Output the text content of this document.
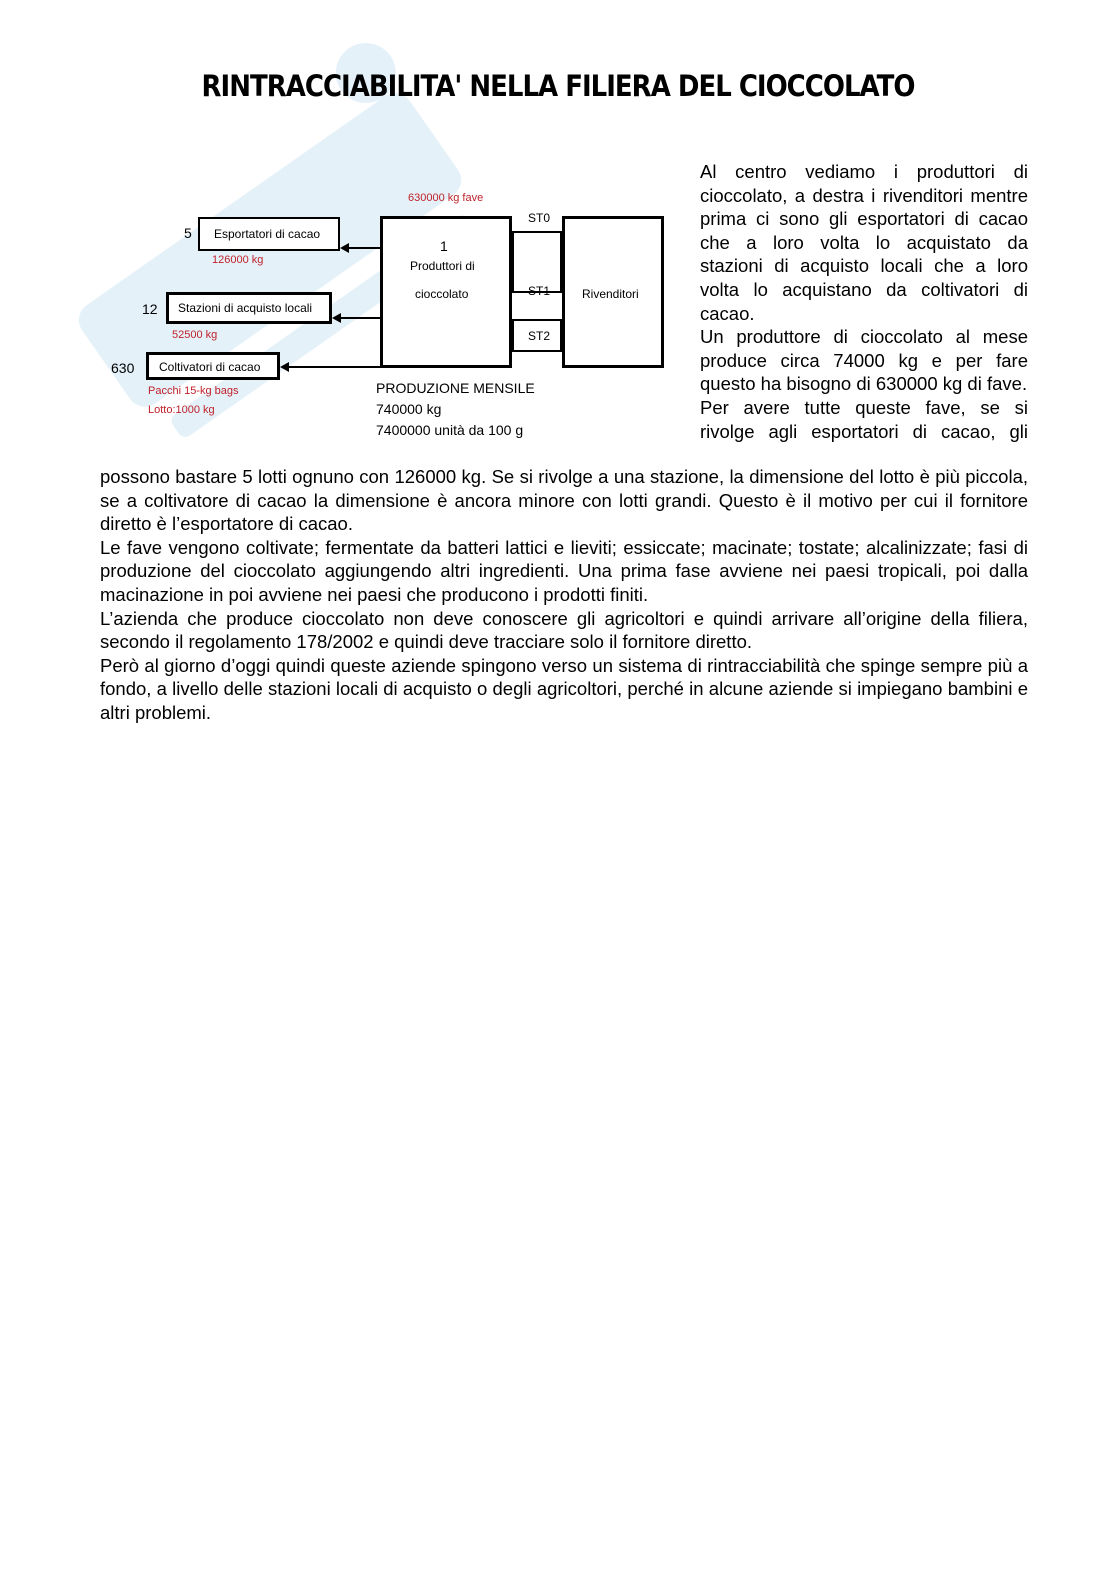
RINTRACCIABILITA' NELLA FILIERA DEL CIOCCOLATO
630000 kg fave
5 Esportatori di cacao
126000 kg
12 Stazioni di acquisto locali
52500 kg
630 Coltivatori di cacao
Pacchi 15-kg bags
Lotto:1000 kg
1
Produttori di
cioccolato
ST0
ST1
ST2
Rivenditori
PRODUZIONE MENSILE
740000 kg
7400000 unità da 100 g

Al centro vediamo i produttori di cioccolato, a destra i rivenditori mentre prima ci sono gli esportatori di cacao che a loro volta lo acquistato da stazioni di acquisto locali che a loro volta lo acquistano da coltivatori di cacao.

Un produttore di cioccolato al mese produce circa 74000 kg e per fare questo ha bisogno di 630000 kg di fave.

Per avere tutte queste fave, se si rivolge agli esportatori di cacao, gli

possono bastare 5 lotti ognuno con 126000 kg. Se si rivolge a una stazione, la dimensione del lotto è più piccola, se a coltivatore di cacao la dimensione è ancora minore con lotti grandi. Questo è il motivo per cui il fornitore diretto è l’esportatore di cacao.

Le fave vengono coltivate; fermentate da batteri lattici e lieviti; essiccate; macinate; tostate; alcalinizzate; fasi di produzione del cioccolato aggiungendo altri ingredienti. Una prima fase avviene nei paesi tropicali, poi dalla macinazione in poi avviene nei paesi che producono i prodotti finiti.

L’azienda che produce cioccolato non deve conoscere gli agricoltori e quindi arrivare all’origine della filiera, secondo il regolamento 178/2002 e quindi deve tracciare solo il fornitore diretto.

Però al giorno d’oggi quindi queste aziende spingono verso un sistema di rintracciabilità che spinge sempre più a fondo, a livello delle stazioni locali di acquisto o degli agricoltori, perché in alcune aziende si impiegano bambini e altri problemi.
